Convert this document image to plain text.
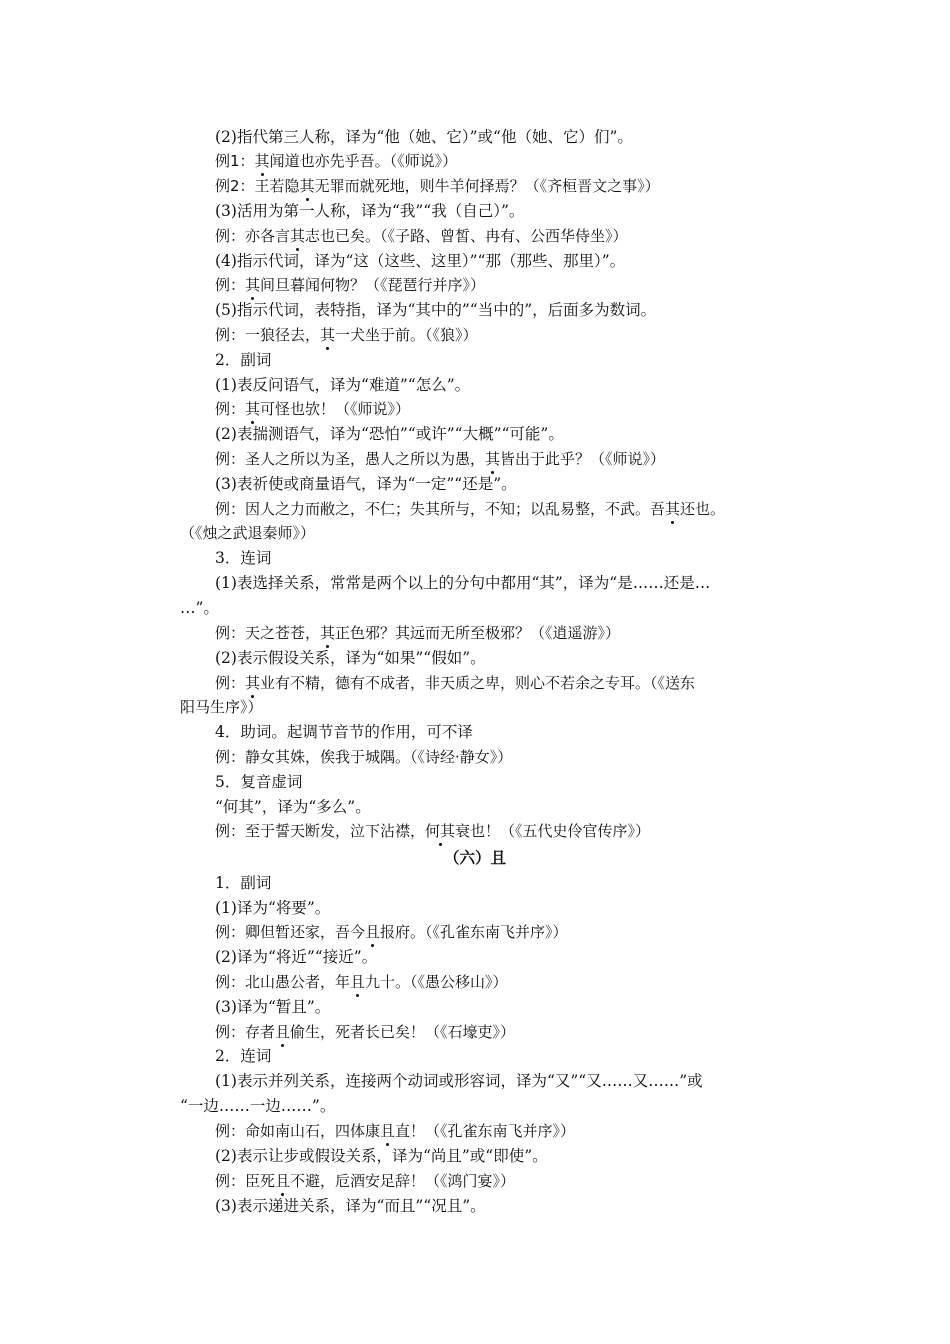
(2)指代第三人称，译为“他（她、它）”或“他（她、它）们”。
例1：其闻道也亦先乎吾。（《师说》）
例2：王若隐其无罪而就死地，则牛羊何择焉？（《齐桓晋文之事》）
(3)活用为第一人称，译为“我”“我（自己）”。
例：亦各言其志也已矣。（《子路、曾皙、冉有、公西华侍坐》）
(4)指示代词，译为“这（这些、这里）”“那（那些、那里）”。
例：其间旦暮闻何物？（《琵琶行并序》）
(5)指示代词，表特指，译为“其中的”“当中的”，后面多为数词。
例：一狼径去，其一犬坐于前。（《狼》）
2．副词
(1)表反问语气，译为“难道”“怎么”。
例：其可怪也欤！（《师说》）
(2)表揣测语气，译为“恐怕”“或许”“大概”“可能”。
例：圣人之所以为圣，愚人之所以为愚，其皆出于此乎？（《师说》）
(3)表祈使或商量语气，译为“一定”“还是”。
例：因人之力而敝之，不仁；失其所与，不知；以乱易整，不武。吾其还也。
（《烛之武退秦师》）
3．连词
(1)表选择关系，常常是两个以上的分句中都用“其”，译为“是……还是…
…”。
例：天之苍苍，其正色邪？其远而无所至极邪？（《逍遥游》）
(2)表示假设关系，译为“如果”“假如”。
例：其业有不精，德有不成者，非天质之卑，则心不若余之专耳。（《送东
阳马生序》）
4．助词。起调节音节的作用，可不译
例：静女其姝，俟我于城隅。（《诗经·静女》）
5．复音虚词
“何其”，译为“多么”。
例：至于誓天断发，泣下沾襟，何其衰也！（《五代史伶官传序》）
（六）且
1．副词
(1)译为“将要”。
例：卿但暂还家，吾今且报府。（《孔雀东南飞并序》）
(2)译为“将近”“接近”。
例：北山愚公者，年且九十。（《愚公移山》）
(3)译为“暂且”。
例：存者且偷生，死者长已矣！（《石壕吏》）
2．连词
(1)表示并列关系，连接两个动词或形容词，译为“又”“又……又……”或
“一边……一边……”。
例：命如南山石，四体康且直！（《孔雀东南飞并序》）
(2)表示让步或假设关系，译为“尚且”或“即使”。
例：臣死且不避，卮酒安足辞！（《鸿门宴》）
(3)表示递进关系，译为“而且”“况且”。
